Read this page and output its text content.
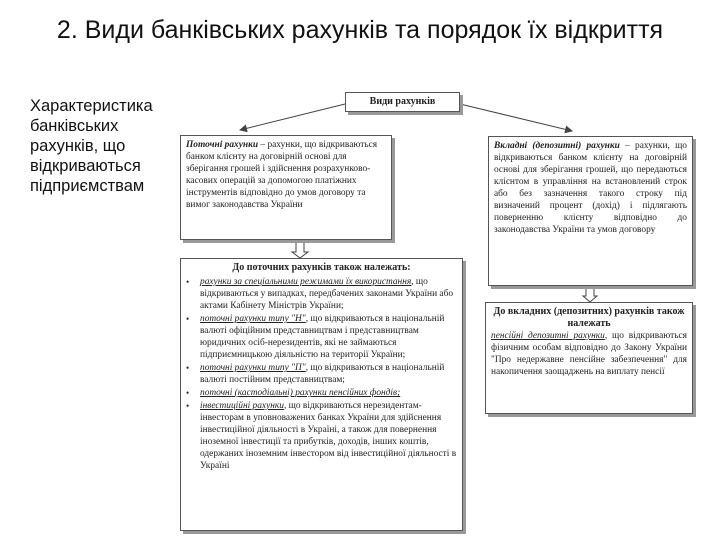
2. Види банківських рахунків та порядок їх відкриття
Характеристика банківських рахунків, що відкриваються підприємствам
Види рахунків
Поточні рахунки – рахунки, що відкриваються банком клієнту на договірній основі для зберігання грошей і здійснення розрахунково-касових операцій за допомогою платіжних інструментів відповідно до умов договору та вимог законодавства України
Вкладні (депозитні) рахунки – рахунки, що відкриваються банком клієнту на договірній основі для зберігання грошей, що передаються клієнтом в управління на встановлений строк або без зазначення такого строку під визначений процент (дохід) і підлягають поверненню клієнту відповідно до законодавства України та умов договору
До поточних рахунків також належать:
• рахунки за спеціальними режимами їх використання, що відкриваються у випадках, передбачених законами України або актами Кабінету Міністрів України;
• поточні рахунки типу "Н", що відкриваються в національній валюті офіційним представництвам і представництвам юридичних осіб-нерезидентів, які не займаються підприємницькою діяльністю на території України;
• поточні рахунки типу "П", що відкриваються в національній валюті постійним представництвам;
• поточні (кастодіальні) рахунки пенсійних фондів;
• інвестиційні рахунки, що відкриваються нерезидентам-інвесторам в уповноважених банках України для здійснення інвестиційної діяльності в Україні, а також для повернення іноземної інвестиції та прибутків, доходів, інших коштів, одержаних іноземним інвестором від інвестиційної діяльності в Україні
До вкладних (депозитних) рахунків також належать
пенсійні депозитні рахунки, що відкриваються фізичним особам відповідно до Закону України "Про недержавне пенсійне забезпечення" для накопичення заощаджень на виплату пенсії
